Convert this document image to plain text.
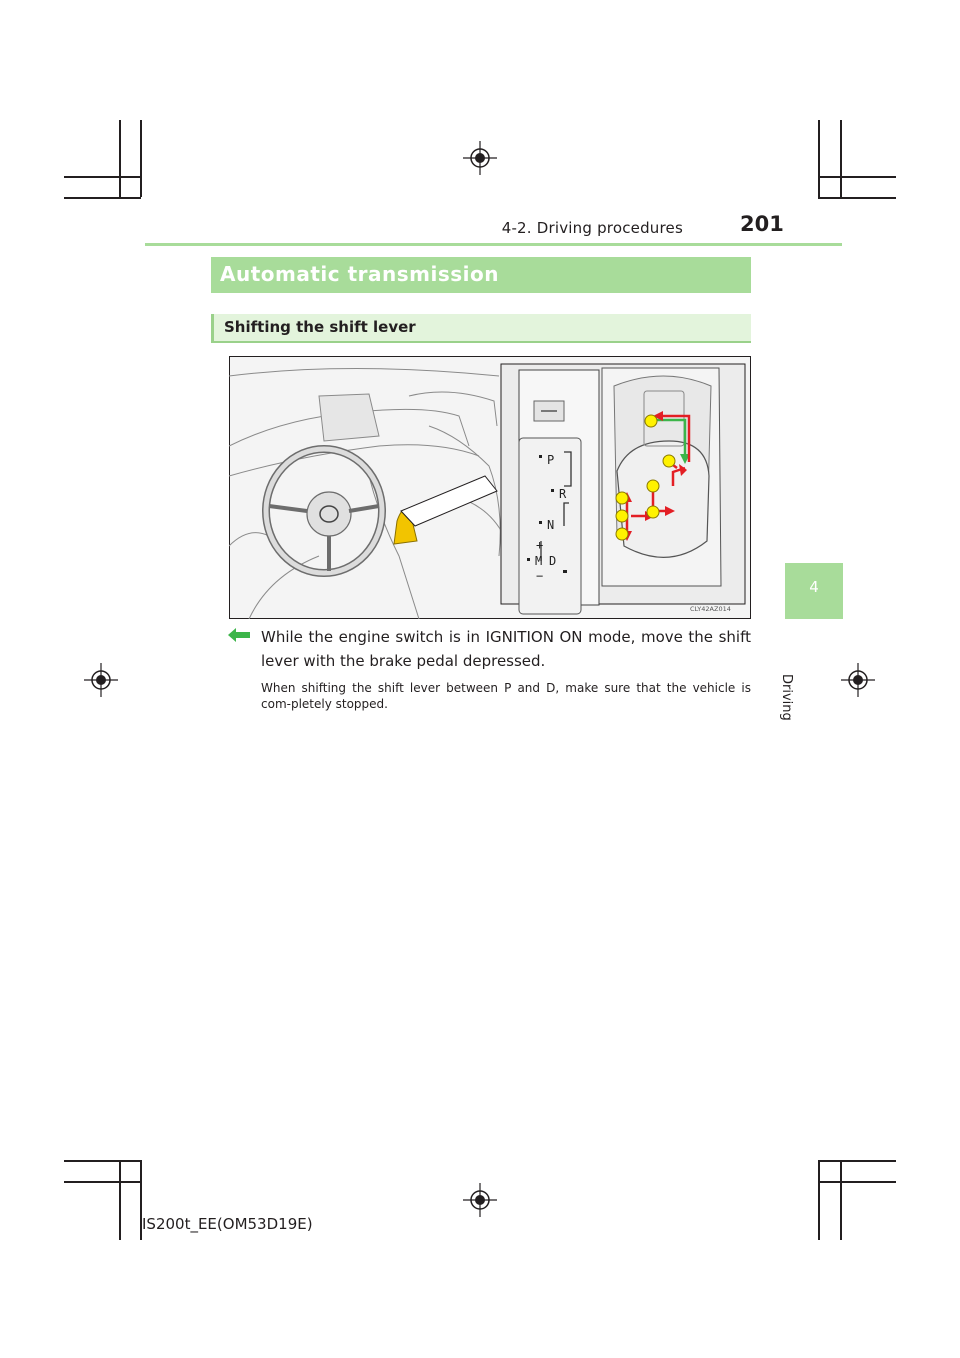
4-2. Driving procedures	201
4
Driving
Automatic transmission
Shifting the shift lever
P
R
N
M D
+
−
CLY42AZ014
While the engine switch is in IGNITION ON mode, move the shift lever with the brake pedal depressed.
When shifting the shift lever between P and D, make sure that the vehicle is com-pletely stopped.
IS200t_EE(OM53D19E)
